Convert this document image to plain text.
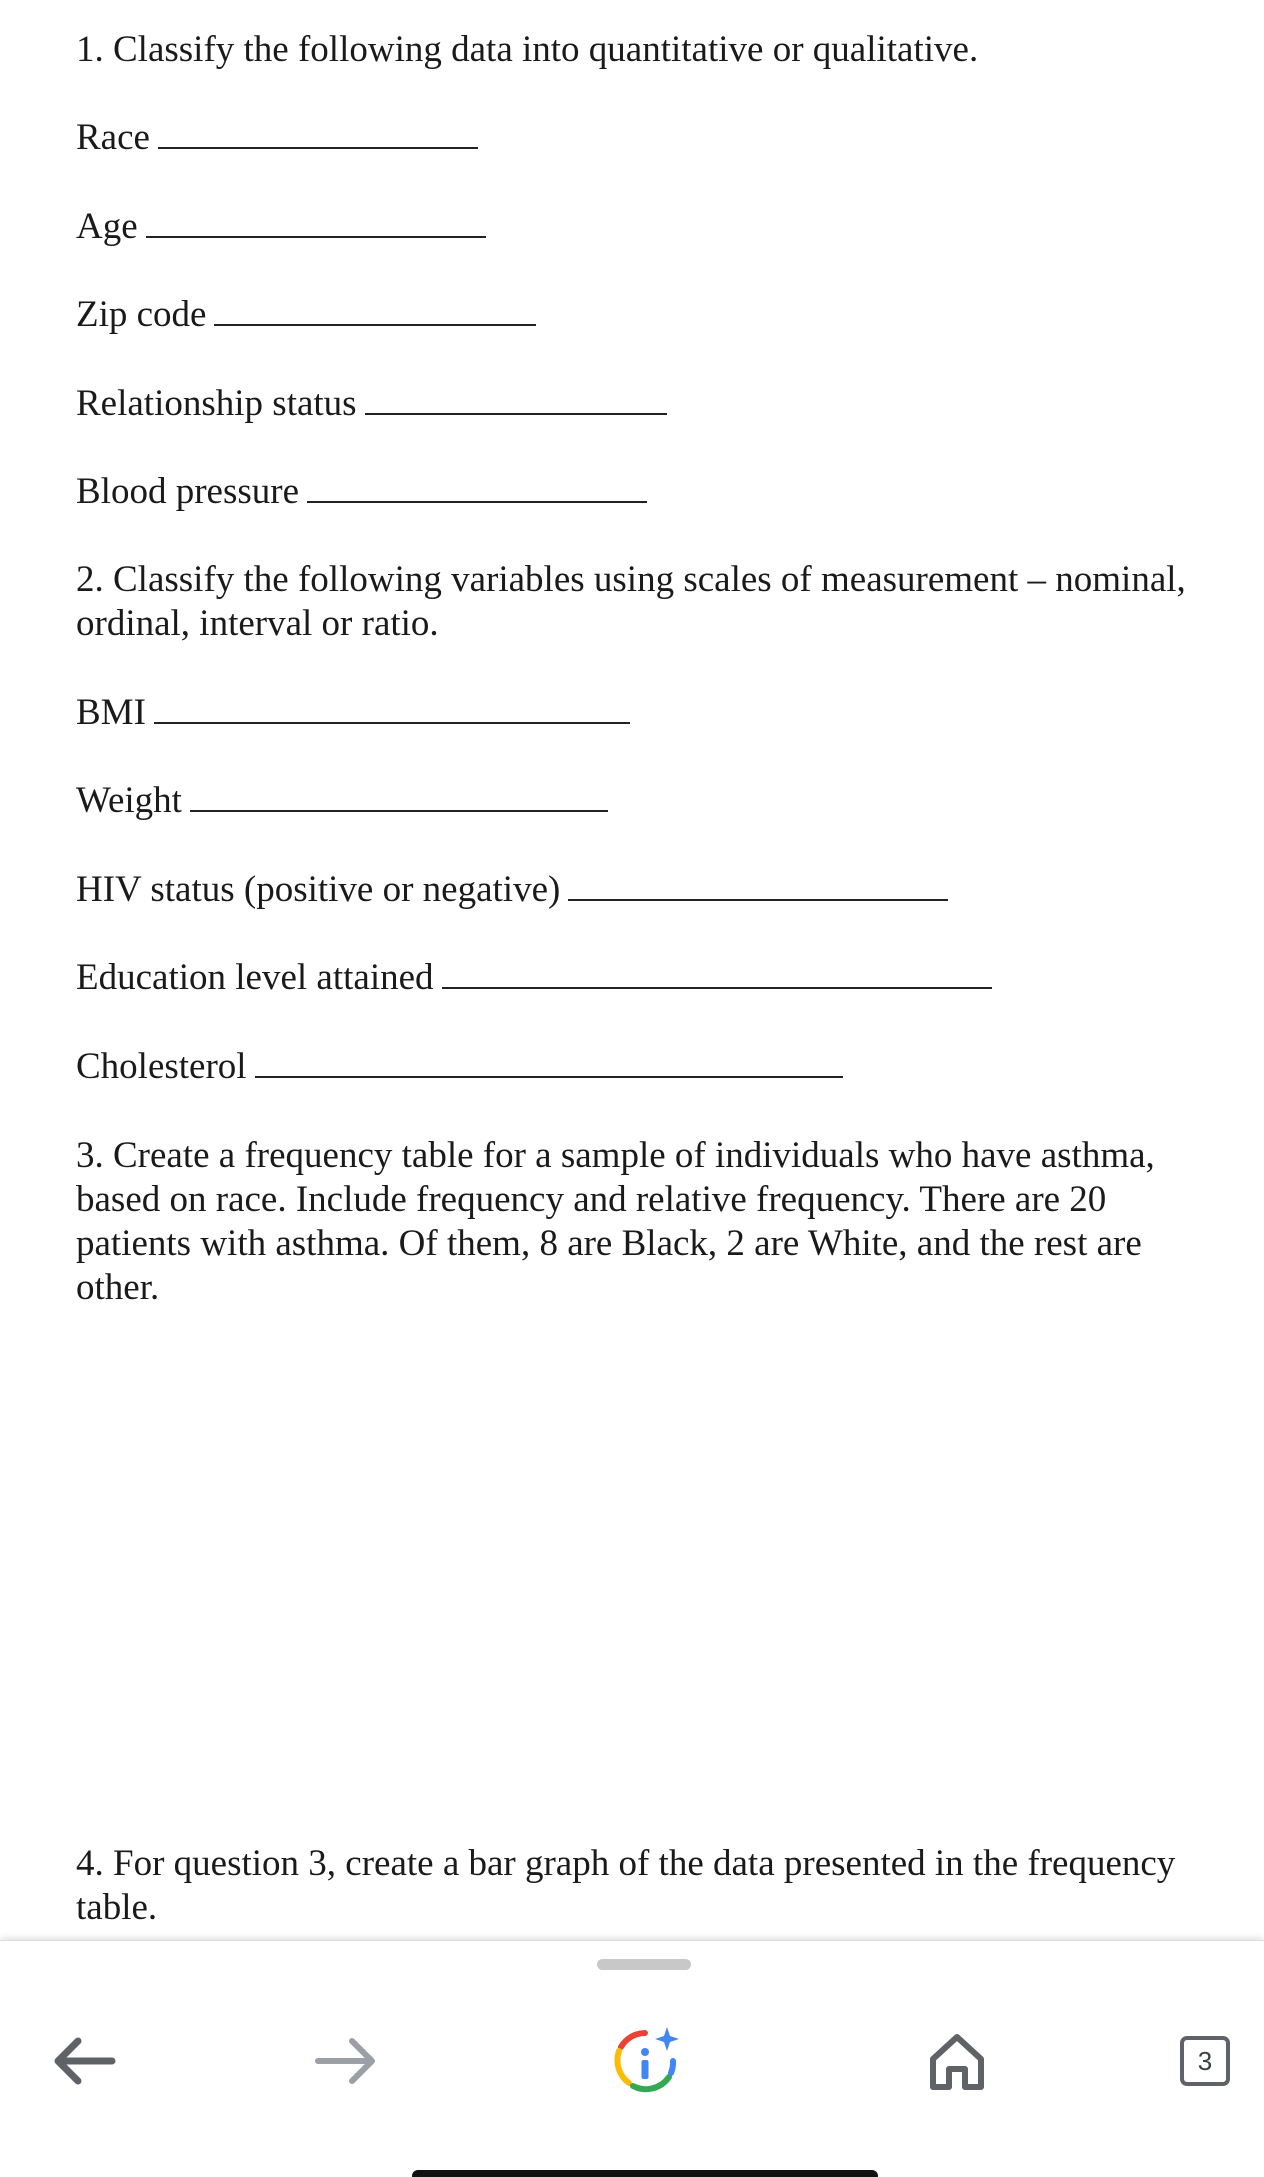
1. Classify the following data into quantitative or qualitative.
Race
Age
Zip code
Relationship status
Blood pressure
2. Classify the following variables using scales of measurement – nominal,
ordinal, interval or ratio.
BMI
Weight
HIV status (positive or negative)
Education level attained
Cholesterol
3. Create a frequency table for a sample of individuals who have asthma,
based on race. Include frequency and relative frequency. There are 20
patients with asthma. Of them, 8 are Black, 2 are White, and the rest are
other.
4. For question 3, create a bar graph of the data presented in the frequency
table.
3
